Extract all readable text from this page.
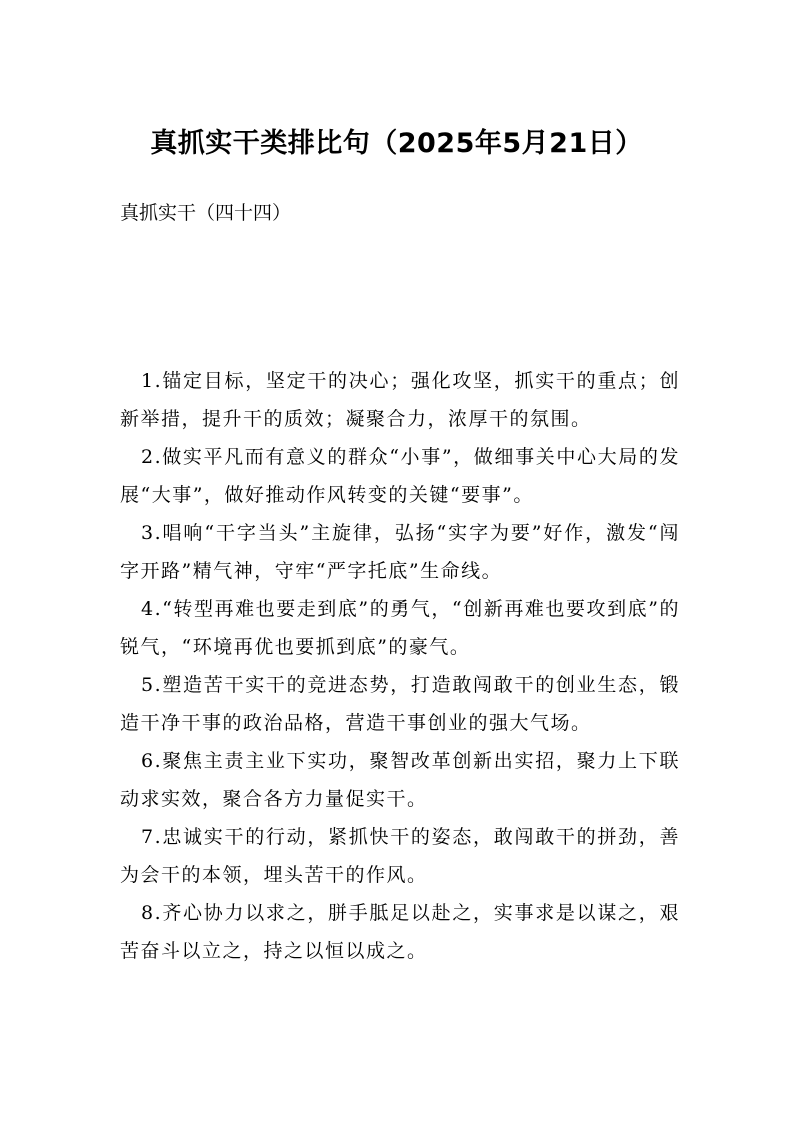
真抓实干类排比句（2025年5月21日）
真抓实干（四十四）
1.锚定目标，坚定干的决心；强化攻坚，抓实干的重点；创新举措，提升干的质效；凝聚合力，浓厚干的氛围。
2.做实平凡而有意义的群众“小事”，做细事关中心大局的发展“大事”，做好推动作风转变的关键“要事”。
3.唱响“干字当头”主旋律，弘扬“实字为要”好作，激发“闯字开路”精气神，守牢“严字托底”生命线。
4.“转型再难也要走到底”的勇气，“创新再难也要攻到底”的锐气，“环境再优也要抓到底”的豪气。
5.塑造苦干实干的竞进态势，打造敢闯敢干的创业生态，锻造干净干事的政治品格，营造干事创业的强大气场。
6.聚焦主责主业下实功，聚智改革创新出实招，聚力上下联动求实效，聚合各方力量促实干。
7.忠诚实干的行动，紧抓快干的姿态，敢闯敢干的拼劲，善为会干的本领，埋头苦干的作风。
8.齐心协力以求之，胼手胝足以赴之，实事求是以谋之，艰苦奋斗以立之，持之以恒以成之。
